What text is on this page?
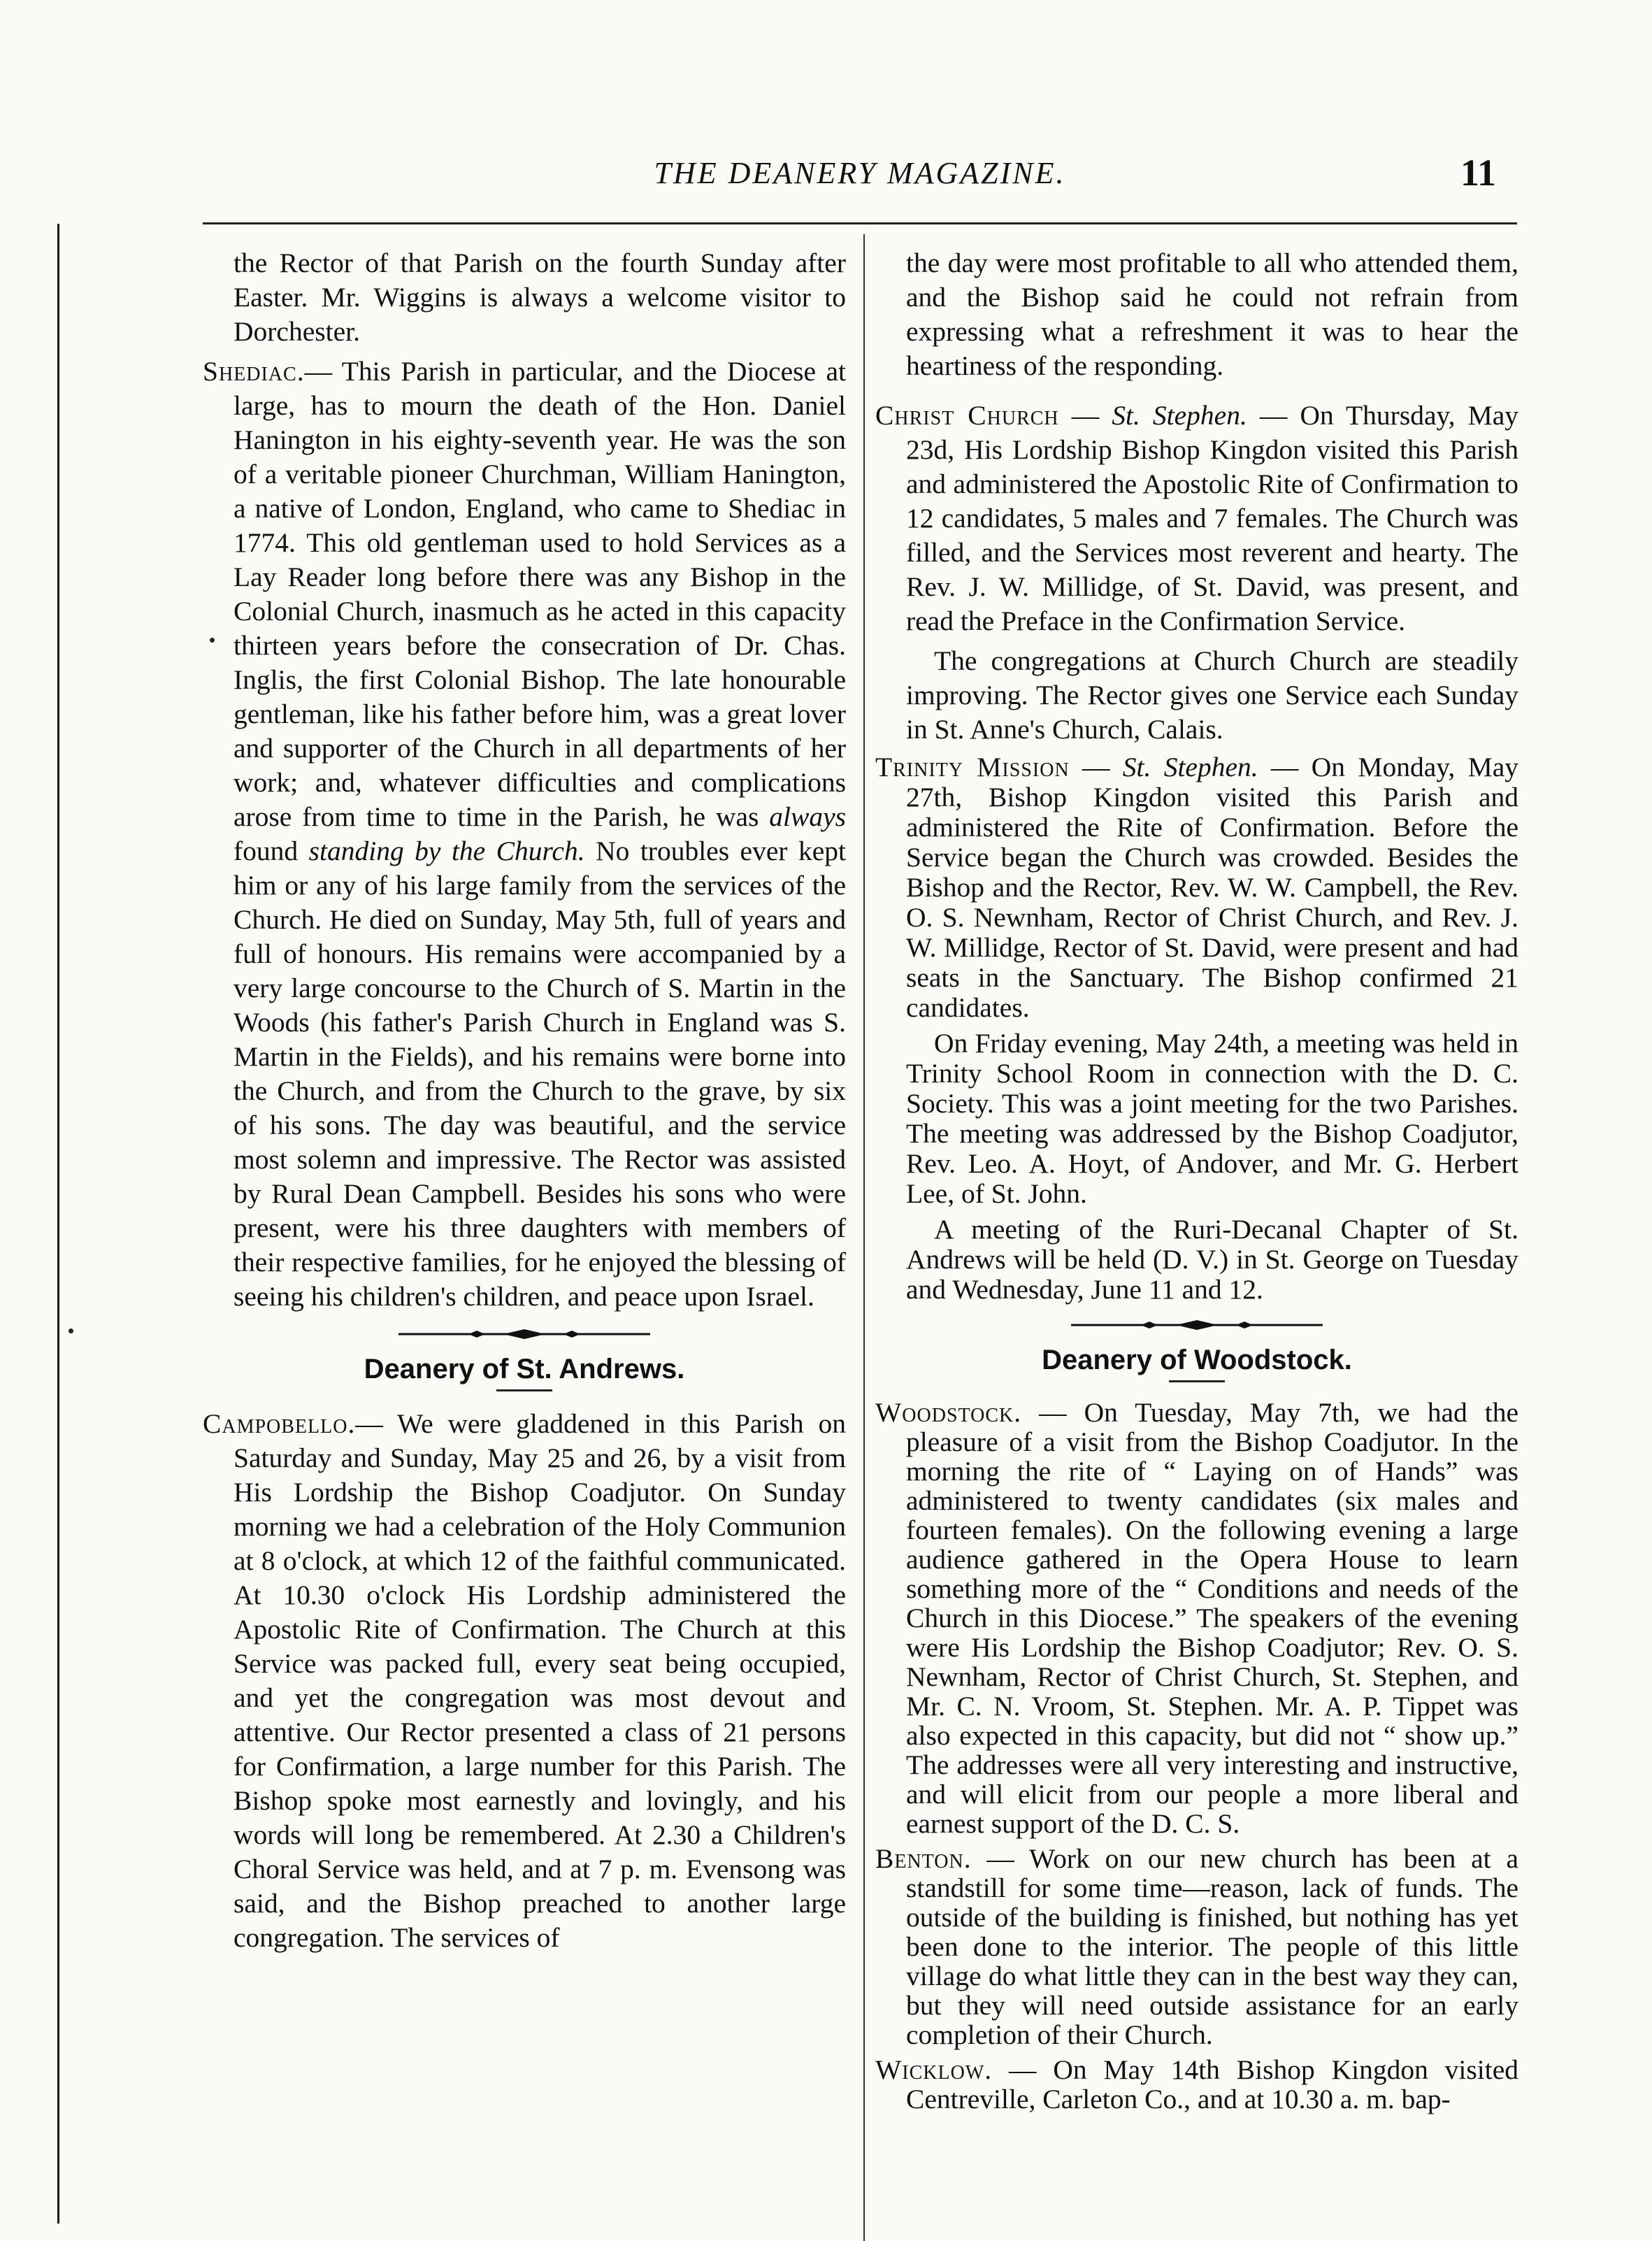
THE DEANERY MAGAZINE.	11

the Rector of that Parish on the fourth Sunday after Easter. Mr. Wiggins is always a welcome visitor to Dorchester.

Shediac.— This Parish in particular, and the Diocese at large, has to mourn the death of the Hon. Daniel Hanington in his eighty-seventh year. He was the son of a veritable pioneer Churchman, William Hanington, a native of London, England, who came to Shediac in 1774. This old gentleman used to hold Services as a Lay Reader long before there was any Bishop in the Colonial Church, inasmuch as he acted in this capacity thirteen years before the consecration of Dr. Chas. Inglis, the first Colonial Bishop. The late honourable gentleman, like his father before him, was a great lover and supporter of the Church in all departments of her work; and, whatever difficulties and complications arose from time to time in the Parish, he was always found standing by the Church. No troubles ever kept him or any of his large family from the services of the Church. He died on Sunday, May 5th, full of years and full of honours. His remains were accompanied by a very large concourse to the Church of S. Martin in the Woods (his father's Parish Church in England was S. Martin in the Fields), and his remains were borne into the Church, and from the Church to the grave, by six of his sons. The day was beautiful, and the service most solemn and impressive. The Rector was assisted by Rural Dean Campbell. Besides his sons who were present, were his three daughters with members of their respective families, for he enjoyed the blessing of seeing his children's children, and peace upon Israel.

Deanery of St. Andrews.

Campobello.— We were gladdened in this Parish on Saturday and Sunday, May 25 and 26, by a visit from His Lordship the Bishop Coadjutor. On Sunday morning we had a celebration of the Holy Communion at 8 o'clock, at which 12 of the faithful communicated. At 10.30 o'clock His Lordship administered the Apostolic Rite of Confirmation. The Church at this Service was packed full, every seat being occupied, and yet the congregation was most devout and attentive. Our Rector presented a class of 21 persons for Confirmation, a large number for this Parish. The Bishop spoke most earnestly and lovingly, and his words will long be remembered. At 2.30 a Children's Choral Service was held, and at 7 p. m. Evensong was said, and the Bishop preached to another large congregation. The services of

the day were most profitable to all who attended them, and the Bishop said he could not refrain from expressing what a refreshment it was to hear the heartiness of the responding.

Christ Church — St. Stephen. — On Thursday, May 23d, His Lordship Bishop Kingdon visited this Parish and administered the Apostolic Rite of Confirmation to 12 candidates, 5 males and 7 females. The Church was filled, and the Services most reverent and hearty. The Rev. J. W. Millidge, of St. David, was present, and read the Preface in the Confirmation Service.

The congregations at Church Church are steadily improving. The Rector gives one Service each Sunday in St. Anne's Church, Calais.

Trinity Mission — St. Stephen. — On Monday, May 27th, Bishop Kingdon visited this Parish and administered the Rite of Confirmation. Before the Service began the Church was crowded. Besides the Bishop and the Rector, Rev. W. W. Campbell, the Rev. O. S. Newnham, Rector of Christ Church, and Rev. J. W. Millidge, Rector of St. David, were present and had seats in the Sanctuary. The Bishop confirmed 21 candidates.

On Friday evening, May 24th, a meeting was held in Trinity School Room in connection with the D. C. Society. This was a joint meeting for the two Parishes. The meeting was addressed by the Bishop Coadjutor, Rev. Leo. A. Hoyt, of Andover, and Mr. G. Herbert Lee, of St. John.

A meeting of the Ruri-Decanal Chapter of St. Andrews will be held (D. V.) in St. George on Tuesday and Wednesday, June 11 and 12.

Deanery of Woodstock.

Woodstock. — On Tuesday, May 7th, we had the pleasure of a visit from the Bishop Coadjutor. In the morning the rite of “ Laying on of Hands” was administered to twenty candidates (six males and fourteen females). On the following evening a large audience gathered in the Opera House to learn something more of the “ Conditions and needs of the Church in this Diocese.” The speakers of the evening were His Lordship the Bishop Coadjutor; Rev. O. S. Newnham, Rector of Christ Church, St. Stephen, and Mr. C. N. Vroom, St. Stephen. Mr. A. P. Tippet was also expected in this capacity, but did not “ show up.” The addresses were all very interesting and instructive, and will elicit from our people a more liberal and earnest support of the D. C. S.

Benton. — Work on our new church has been at a standstill for some time—reason, lack of funds. The outside of the building is finished, but nothing has yet been done to the interior. The people of this little village do what little they can in the best way they can, but they will need outside assistance for an early completion of their Church.

Wicklow. — On May 14th Bishop Kingdon visited Centreville, Carleton Co., and at 10.30 a. m. bap-
